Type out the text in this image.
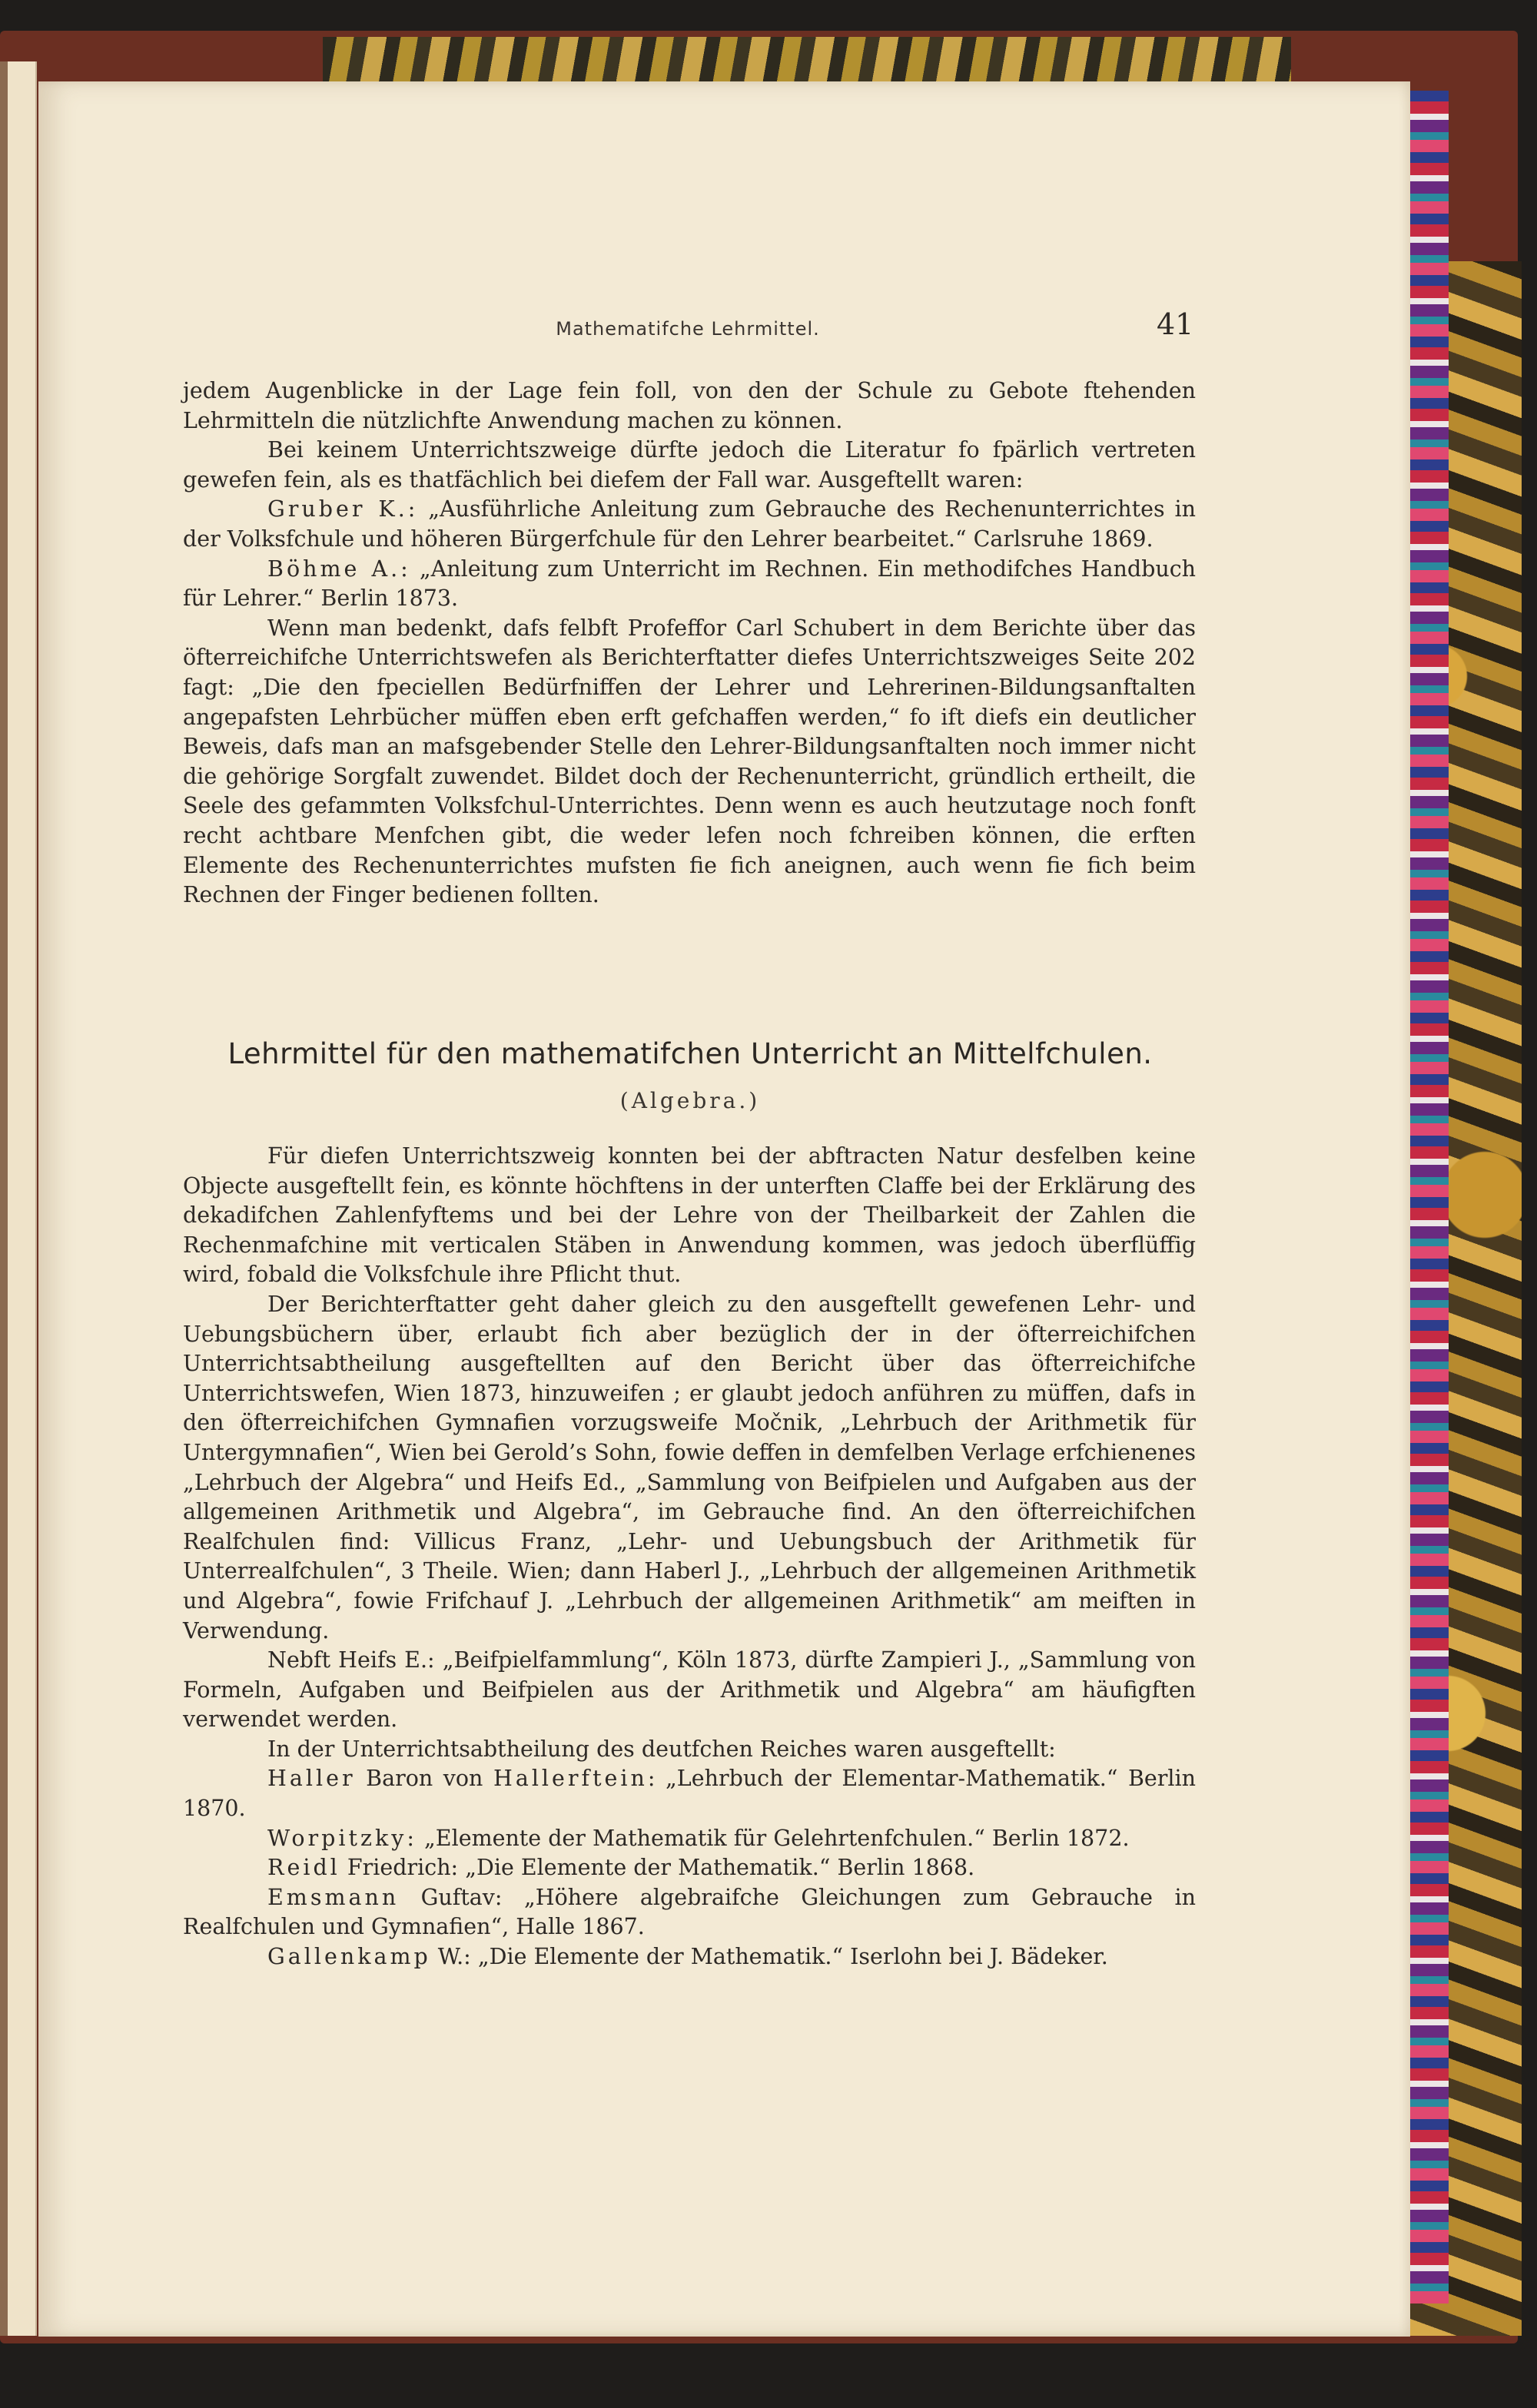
Mathematifche Lehrmittel.	41

jedem Augenblicke in der Lage fein foll, von den der Schule zu Gebote ftehenden Lehrmitteln die nützlichfte Anwendung machen zu können.

Bei keinem Unterrichtszweige dürfte jedoch die Literatur fo fpärlich vertreten gewefen fein, als es thatfächlich bei diefem der Fall war. Ausgeftellt waren:

Gruber K.: „Ausführliche Anleitung zum Gebrauche des Rechenunterrichtes in der Volksfchule und höheren Bürgerfchule für den Lehrer bearbeitet.“ Carlsruhe 1869.

Böhme A.: „Anleitung zum Unterricht im Rechnen. Ein methodifches Handbuch für Lehrer.“ Berlin 1873.

Wenn man bedenkt, dafs felbft Profeffor Carl Schubert in dem Berichte über das öfterreichifche Unterrichtswefen als Berichterftatter diefes Unterrichtszweiges Seite 202 fagt: „Die den fpeciellen Bedürfniffen der Lehrer und Lehrerinen-Bildungsanftalten angepafsten Lehrbücher müffen eben erft gefchaffen werden,“ fo ift diefs ein deutlicher Beweis, dafs man an mafsgebender Stelle den Lehrer-Bildungsanftalten noch immer nicht die gehörige Sorgfalt zuwendet. Bildet doch der Rechenunterricht, gründlich ertheilt, die Seele des gefammten Volksfchul-Unterrichtes. Denn wenn es auch heutzutage noch fonft recht achtbare Menfchen gibt, die weder lefen noch fchreiben können, die erften Elemente des Rechenunterrichtes mufsten fie fich aneignen, auch wenn fie fich beim Rechnen der Finger bedienen follten.

Lehrmittel für den mathematifchen Unterricht an Mittelfchulen.
(Algebra.)

Für diefen Unterrichtszweig konnten bei der abftracten Natur desfelben keine Objecte ausgeftellt fein, es könnte höchftens in der unterften Claffe bei der Erklärung des dekadifchen Zahlenfyftems und bei der Lehre von der Theilbarkeit der Zahlen die Rechenmafchine mit verticalen Stäben in Anwendung kommen, was jedoch überflüffig wird, fobald die Volksfchule ihre Pflicht thut.

Der Berichterftatter geht daher gleich zu den ausgeftellt gewefenen Lehr- und Uebungsbüchern über, erlaubt fich aber bezüglich der in der öfterreichifchen Unterrichtsabtheilung ausgeftellten auf den Bericht über das öfterreichifche Unterrichtswefen, Wien 1873, hinzuweifen ; er glaubt jedoch anführen zu müffen, dafs in den öfterreichifchen Gymnafien vorzugsweife Močnik, „Lehrbuch der Arithmetik für Untergymnafien“, Wien bei Gerold’s Sohn, fowie deffen in demfelben Verlage erfchienenes „Lehrbuch der Algebra“ und Heifs Ed., „Sammlung von Beifpielen und Aufgaben aus der allgemeinen Arithmetik und Algebra“, im Gebrauche find. An den öfterreichifchen Realfchulen find: Villicus Franz, „Lehr- und Uebungsbuch der Arithmetik für Unterrealfchulen“, 3 Theile. Wien; dann Haberl J., „Lehrbuch der allgemeinen Arithmetik und Algebra“, fowie Frifchauf J. „Lehrbuch der allgemeinen Arithmetik“ am meiften in Verwendung.

Nebft Heifs E.: „Beifpielfammlung“, Köln 1873, dürfte Zampieri J., „Sammlung von Formeln, Aufgaben und Beifpielen aus der Arithmetik und Algebra“ am häufigften verwendet werden.

In der Unterrichtsabtheilung des deutfchen Reiches waren ausgeftellt:

Haller Baron von Hallerftein: „Lehrbuch der Elementar-Mathematik.“ Berlin 1870.

Worpitzky: „Elemente der Mathematik für Gelehrtenfchulen.“ Berlin 1872.

Reidl Friedrich: „Die Elemente der Mathematik.“ Berlin 1868.

Emsmann Guftav: „Höhere algebraifche Gleichungen zum Gebrauche in Realfchulen und Gymnafien“, Halle 1867.

Gallenkamp W.: „Die Elemente der Mathematik.“ Iserlohn bei J. Bädeker.
